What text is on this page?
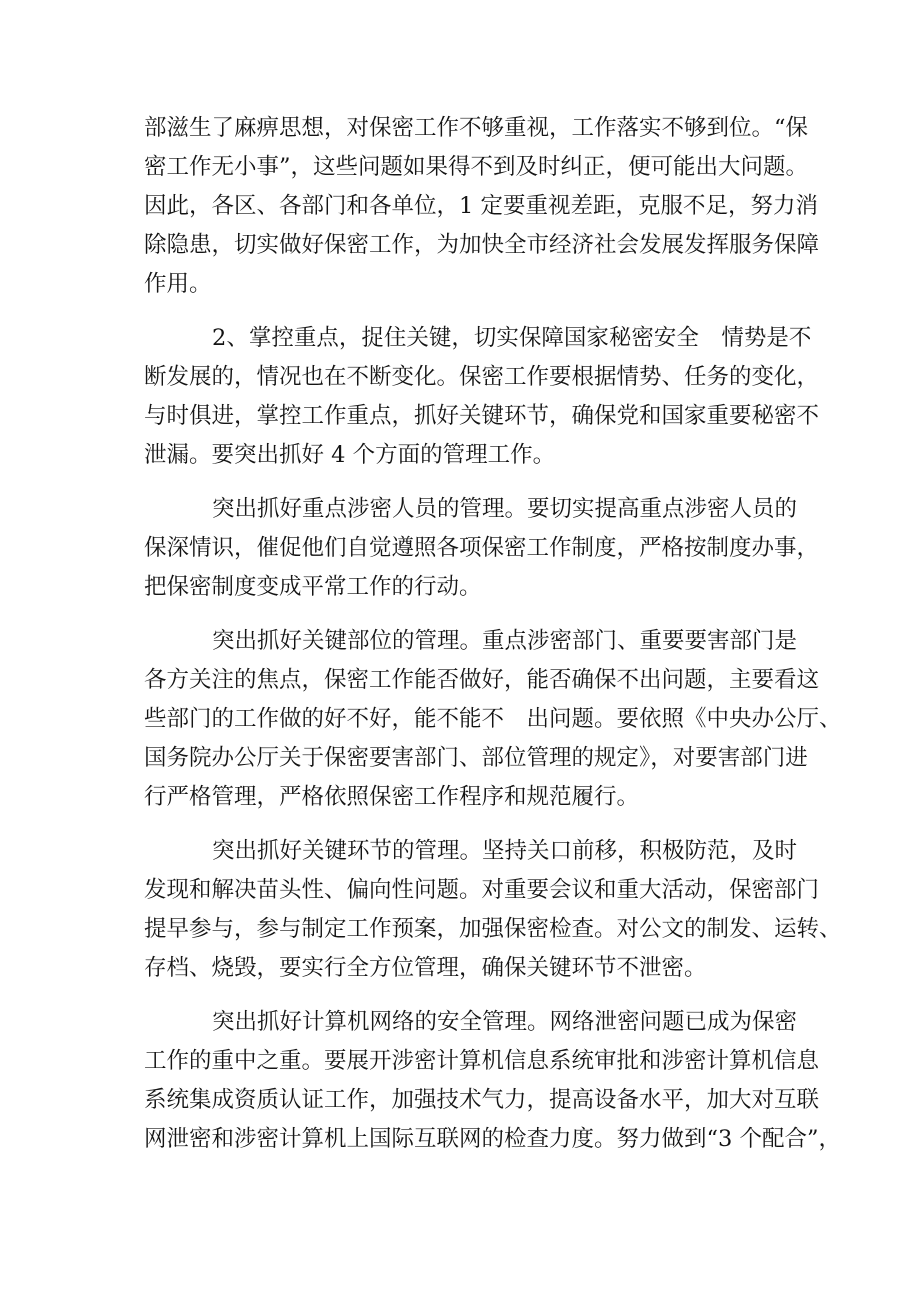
部滋生了麻痹思想，对保密工作不够重视，工作落实不够到位。“保
密工作无小事”，这些问题如果得不到及时纠正，便可能出大问题。
因此，各区、各部门和各单位，1 定要重视差距，克服不足，努力消
除隐患，切实做好保密工作，为加快全市经济社会发展发挥服务保障
作用。
2、掌控重点，捉住关键，切实保障国家秘密安全　情势是不
断发展的，情况也在不断变化。保密工作要根据情势、任务的变化，
与时俱进，掌控工作重点，抓好关键环节，确保党和国家重要秘密不
泄漏。要突出抓好 4 个方面的管理工作。
突出抓好重点涉密人员的管理。要切实提高重点涉密人员的
保深情识，催促他们自觉遵照各项保密工作制度，严格按制度办事，
把保密制度变成平常工作的行动。
突出抓好关键部位的管理。重点涉密部门、重要要害部门是
各方关注的焦点，保密工作能否做好，能否确保不出问题，主要看这
些部门的工作做的好不好，能不能不　出问题。要依照《中央办公厅、
国务院办公厅关于保密要害部门、部位管理的规定》，对要害部门进
行严格管理，严格依照保密工作程序和规范履行。
突出抓好关键环节的管理。坚持关口前移，积极防范，及时
发现和解决苗头性、偏向性问题。对重要会议和重大活动，保密部门
提早参与，参与制定工作预案，加强保密检查。对公文的制发、运转、
存档、烧毁，要实行全方位管理，确保关键环节不泄密。
突出抓好计算机网络的安全管理。网络泄密问题已成为保密
工作的重中之重。要展开涉密计算机信息系统审批和涉密计算机信息
系统集成资质认证工作，加强技术气力，提高设备水平，加大对互联
网泄密和涉密计算机上国际互联网的检查力度。努力做到“3 个配合”，
